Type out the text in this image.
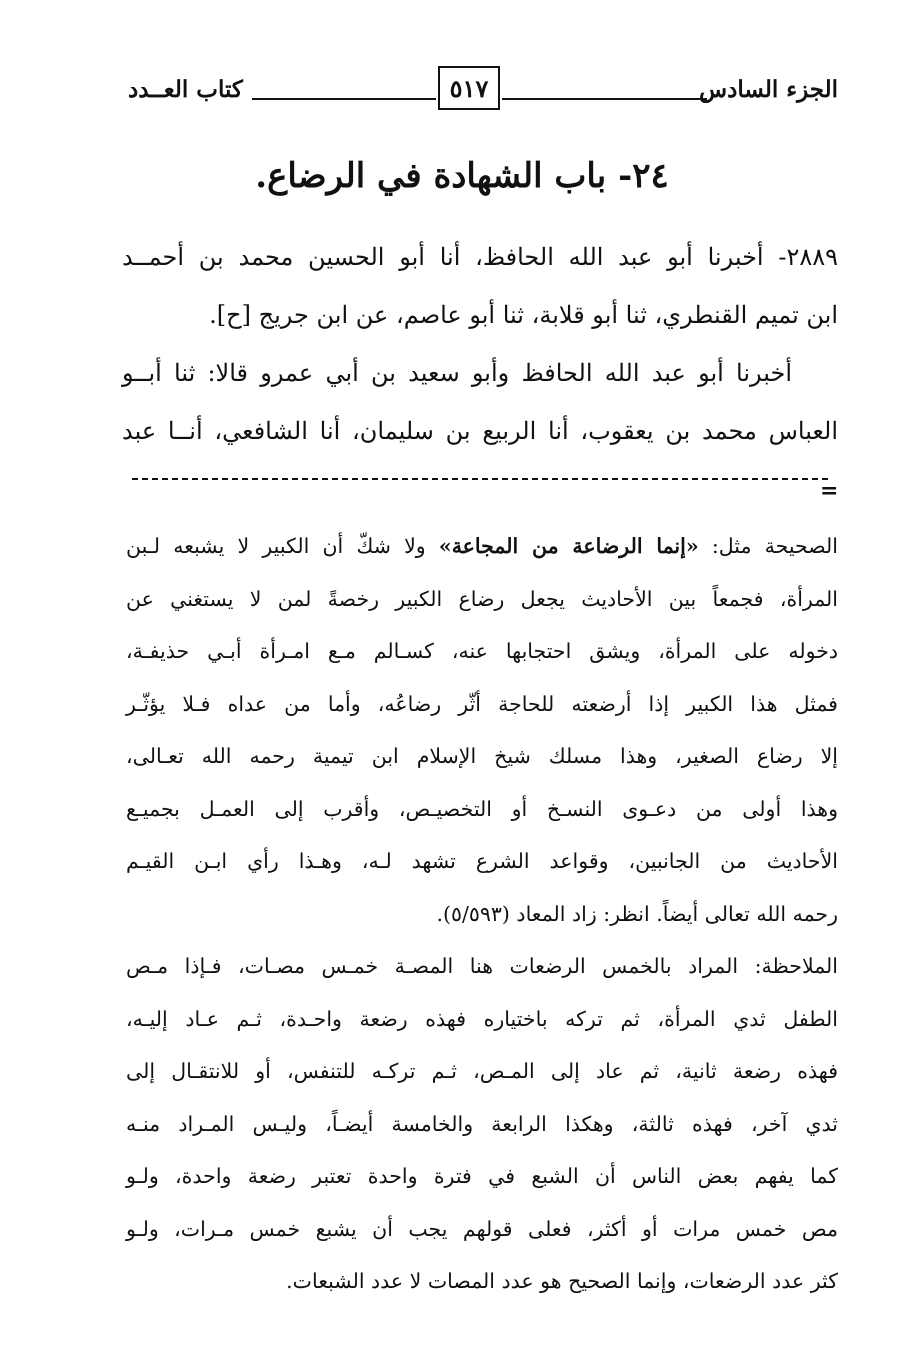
كتاب العــدد	٥١٧	الجزء السادس
٢٤- باب الشهادة في الرضاع.
٢٨٨٩- أخبرنا أبو عبد الله الحافظ، أنا أبو الحسين محمد بن أحمــد
ابن تميم القنطري، ثنا أبو قلابة، ثنا أبو عاصم، عن ابن جريج [ح].
أخبرنا أبو عبد الله الحافظ وأبو سعيد بن أبي عمرو قالا: ثنا أبــو
العباس محمد بن يعقوب، أنا الربيع بن سليمان، أنا الشافعي، أنــا عبد
=
الصحيحة مثل: «إنما الرضاعة من المجاعة» ولا شكّ أن الكبير لا يشبعه لـبن
المرأة، فجمعاً بين الأحاديث يجعل رضاع الكبير رخصةً لمن لا يستغني عن
دخوله على المرأة، ويشق احتجابها عنه، كسـالم مـع امـرأة أبـي حذيفـة،
فمثل هذا الكبير إذا أرضعته للحاجة أثّر رضاعُه، وأما من عداه فـلا يؤثّـر
إلا رضاع الصغير، وهذا مسلك شيخ الإسلام ابن تيمية رحمه الله تعـالى،
وهذا أولى من دعـوى النسـخ أو التخصيـص، وأقرب إلى العمـل بجميـع
الأحاديث من الجانبين، وقواعد الشرع تشهد لـه، وهـذا رأي ابـن القيـم
رحمه الله تعالى أيضاً. انظر: زاد المعاد (٥/٥٩٣).
الملاحظة: المراد بالخمس الرضعات هنا المصـة خمـس مصـات، فـإذا مـص
الطفل ثدي المرأة، ثم تركه باختياره فهذه رضعة واحـدة، ثـم عـاد إليـه،
فهذه رضعة ثانية، ثم عاد إلى المـص، ثـم تركـه للتنفس، أو للانتقـال إلى
ثدي آخر، فهذه ثالثة، وهكذا الرابعة والخامسة أيضـاً، وليـس المـراد منـه
كما يفهم بعض الناس أن الشبع في فترة واحدة تعتبر رضعة واحدة، ولـو
مص خمس مرات أو أكثر، فعلى قولهم يجب أن يشبع خمس مـرات، ولـو
كثر عدد الرضعات، وإنما الصحيح هو عدد المصات لا عدد الشبعات.
